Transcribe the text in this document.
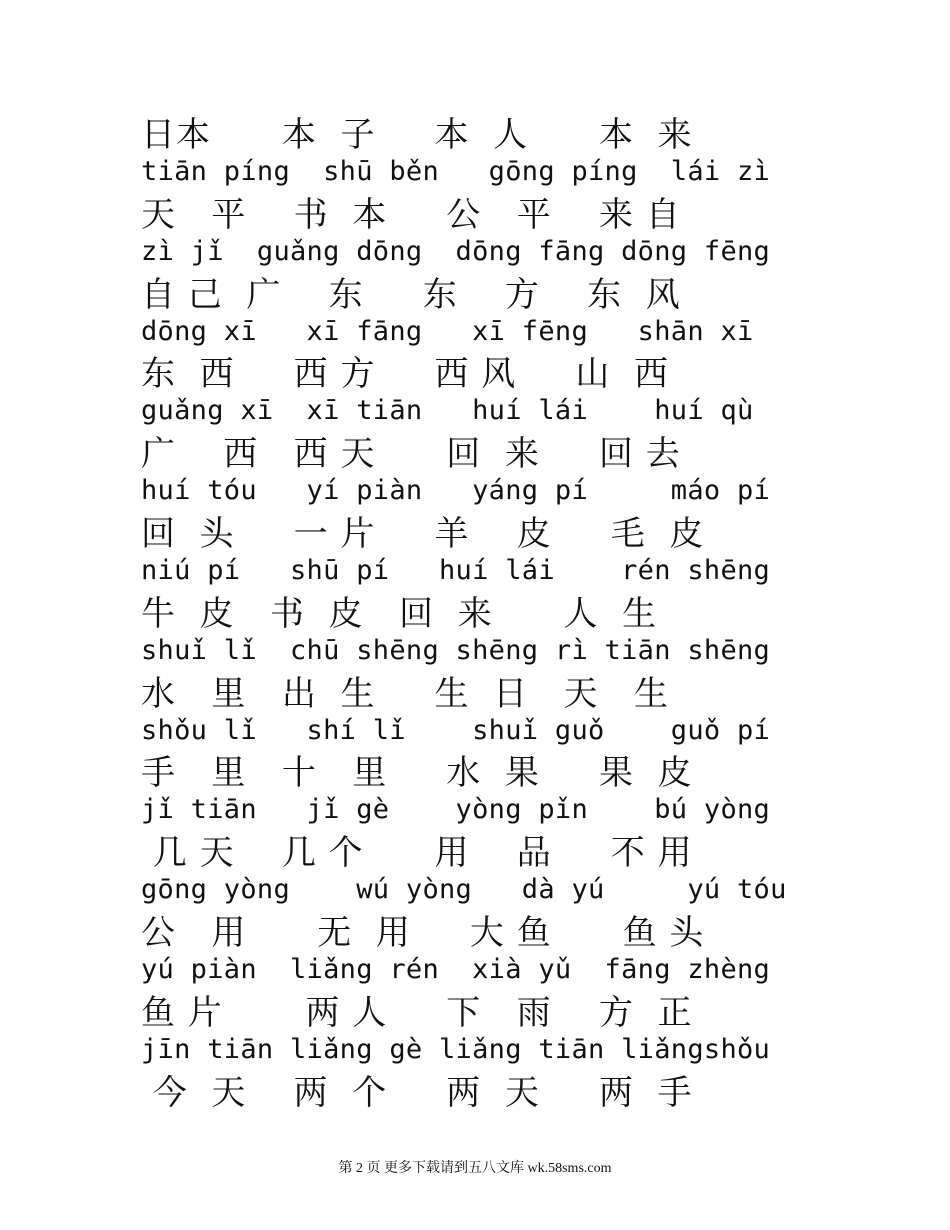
日本      本  子     本  人      本  来
tiān píng  shū běn   gōng píng  lái zì
天   平    书  本     公   平    来 自
zì jǐ  guǎng dōng  dōng fāng dōng fēng
自 己  广    东     东    方    东  风
dōng xī   xī fāng   xī fēng   shān xī
东  西     西 方     西 风     山  西
guǎng xī  xī tiān   huí lái    huí qù
广    西   西 天      回  来     回 去
huí tóu   yí piàn   yáng pí     máo pí
回  头     一 片     羊    皮     毛  皮
niú pí   shū pí   huí lái    rén shēng
牛  皮   书  皮   回  来      人  生
shuǐ lǐ  chū shēng shēng rì tiān shēng
水   里   出  生     生  日   天   生
shǒu lǐ   shí lǐ    shuǐ guǒ    guǒ pí
手   里   十   里     水  果     果  皮
jǐ tiān   jǐ gè    yòng pǐn    bú yòng
几 天    几 个      用    品     不 用
gōng yòng    wú yòng   dà yú     yú tóu
公   用      无  用     大 鱼      鱼 头
yú piàn  liǎng rén  xià yǔ  fāng zhèng
鱼 片       两 人     下   雨    方  正
jīn tiān liǎng gè liǎng tiān liǎngshǒu
今  天    两  个     两  天     两  手
第 2 页 更多下载请到五八文库 wk.58sms.com
